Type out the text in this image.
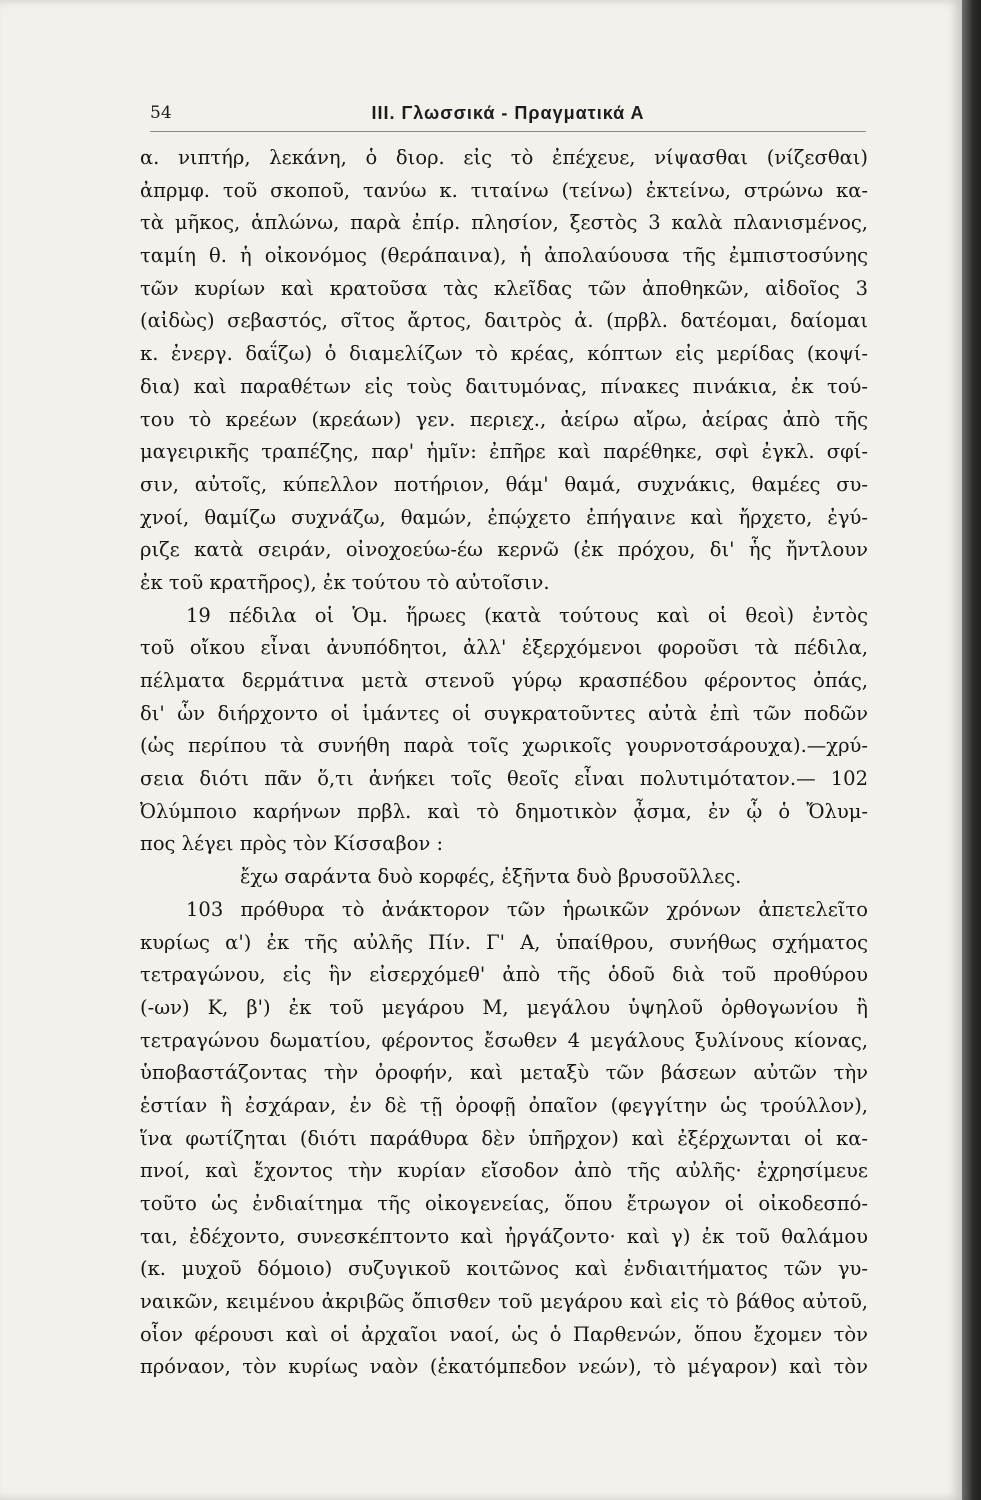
54	III. Γλωσσικά - Πραγματικά Α
α. νιπτήρ, λεκάνη, ὁ διορ. εἰς τὸ ἐπέχευε, νίψασθαι (νίζεσθαι)
ἀπρμφ. τοῦ σκοποῦ, τανύω κ. τιταίνω (τείνω) ἐκτείνω, στρώνω κα-
τὰ μῆκος, ἁπλώνω, παρὰ ἐπίρ. πλησίον, ξεστὸς 3 καλὰ πλανισμένος,
ταμίη θ. ἡ οἰκονόμος (θεράπαινα), ἡ ἀπολαύουσα τῆς ἐμπιστοσύνης
τῶν κυρίων καὶ κρατοῦσα τὰς κλεῖδας τῶν ἀποθηκῶν, αἰδοῖος 3
(αἰδὼς) σεβαστός, σῖτος ἄρτος, δαιτρὸς ἀ. (πρβλ. δατέομαι, δαίομαι
κ. ἐνεργ. δαΐζω) ὁ διαμελίζων τὸ κρέας, κόπτων εἰς μερίδας (κοψί-
δια) καὶ παραθέτων εἰς τοὺς δαιτυμόνας, πίνακες πινάκια, ἐκ τού-
του τὸ κρεέων (κρεάων) γεν. περιεχ., ἀείρω αἴρω, ἀείρας ἀπὸ τῆς
μαγειρικῆς τραπέζης, παρ' ἡμῖν: ἐπῆρε καὶ παρέθηκε, σφὶ ἐγκλ. σφί-
σιν, αὐτοῖς, κύπελλον ποτήριον, θάμ' θαμά, συχνάκις, θαμέες συ-
χνοί, θαμίζω συχνάζω, θαμών, ἐπῴχετο ἐπήγαινε καὶ ἤρχετο, ἐγύ-
ριζε κατὰ σειράν, οἰνοχοεύω-έω κερνῶ (ἐκ πρόχου, δι' ἧς ἤντλουν
ἐκ τοῦ κρατῆρος), ἐκ τούτου τὸ αὐτοῖσιν.
19 πέδιλα οἱ Ὁμ. ἥρωες (κατὰ τούτους καὶ οἱ θεοὶ) ἐντὸς
τοῦ οἴκου εἶναι ἀνυπόδητοι, ἀλλ' ἐξερχόμενοι φοροῦσι τὰ πέδιλα,
πέλματα δερμάτινα μετὰ στενοῦ γύρῳ κρασπέδου φέροντος ὀπάς,
δι' ὧν διήρχοντο οἱ ἱμάντες οἱ συγκρατοῦντες αὐτὰ ἐπὶ τῶν ποδῶν
(ὡς περίπου τὰ συνήθη παρὰ τοῖς χωρικοῖς γουρνοτσάρουχα).—χρύ-
σεια διότι πᾶν ὅ,τι ἀνήκει τοῖς θεοῖς εἶναι πολυτιμότατον.— 102
Ὀλύμποιο καρήνων πρβλ. καὶ τὸ δημοτικὸν ᾆσμα, ἐν ᾧ ὁ Ὄλυμ-
πος λέγει πρὸς τὸν Κίσσαβον :
ἔχω σαράντα δυὸ κορφές, ἑξῆντα δυὸ βρυσοῦλλες.
103 πρόθυρα τὸ ἀνάκτορον τῶν ἡρωικῶν χρόνων ἀπετελεῖτο
κυρίως α') ἐκ τῆς αὐλῆς Πίν. Γ' Α, ὑπαίθρου, συνήθως σχήματος
τετραγώνου, εἰς ἣν εἰσερχόμεθ' ἀπὸ τῆς ὁδοῦ διὰ τοῦ προθύρου
(-ων) Κ, β') ἐκ τοῦ μεγάρου Μ, μεγάλου ὑψηλοῦ ὀρθογωνίου ἢ
τετραγώνου δωματίου, φέροντος ἔσωθεν 4 μεγάλους ξυλίνους κίονας,
ὑποβαστάζοντας τὴν ὀροφήν, καὶ μεταξὺ τῶν βάσεων αὐτῶν τὴν
ἑστίαν ἢ ἐσχάραν, ἐν δὲ τῇ ὀροφῇ ὀπαῖον (φεγγίτην ὡς τρούλλον),
ἵνα φωτίζηται (διότι παράθυρα δὲν ὑπῆρχον) καὶ ἐξέρχωνται οἱ κα-
πνοί, καὶ ἔχοντος τὴν κυρίαν εἴσοδον ἀπὸ τῆς αὐλῆς· ἐχρησίμευε
τοῦτο ὡς ἐνδιαίτημα τῆς οἰκογενείας, ὅπου ἔτρωγον οἱ οἰκοδεσπό-
ται, ἐδέχοντο, συνεσκέπτοντο καὶ ἠργάζοντο· καὶ γ) ἐκ τοῦ θαλάμου
(κ. μυχοῦ δόμοιο) συζυγικοῦ κοιτῶνος καὶ ἐνδιαιτήματος τῶν γυ-
ναικῶν, κειμένου ἀκριβῶς ὄπισθεν τοῦ μεγάρου καὶ εἰς τὸ βάθος αὐτοῦ,
οἷον φέρουσι καὶ οἱ ἀρχαῖοι ναοί, ὡς ὁ Παρθενών, ὅπου ἔχομεν τὸν
πρόναον, τὸν κυρίως ναὸν (ἑκατόμπεδον νεών), τὸ μέγαρον) καὶ τὸν
